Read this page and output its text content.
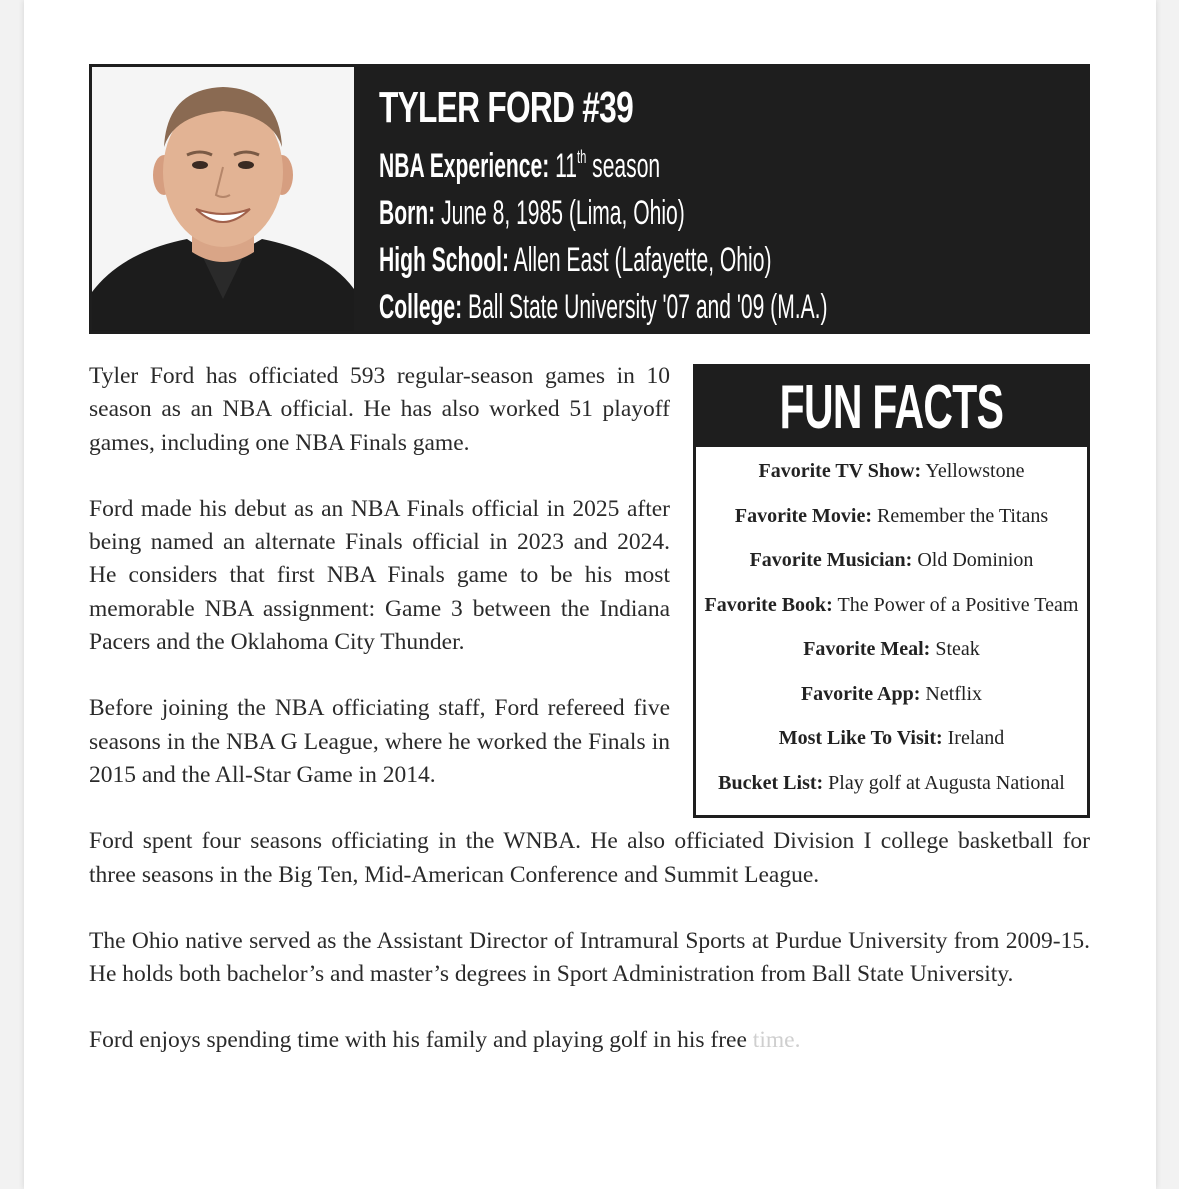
TYLER FORD #39
NBA Experience: 11th season
Born: June 8, 1985 (Lima, Ohio)
High School: Allen East (Lafayette, Ohio)
College: Ball State University '07 and '09 (M.A.)

Tyler Ford has officiated 593 regular-season games in 10 season as an NBA official. He has also worked 51 playoff games, including one NBA Finals game.

Ford made his debut as an NBA Finals official in 2025 after being named an alternate Finals official in 2023 and 2024. He considers that first NBA Finals game to be his most memorable NBA assignment: Game 3 between the Indiana Pacers and the Oklahoma City Thunder.

Before joining the NBA officiating staff, Ford refereed five seasons in the NBA G League, where he worked the Finals in 2015 and the All-Star Game in 2014.

Ford spent four seasons officiating in the WNBA. He also officiated Division I college basketball for three seasons in the Big Ten, Mid-American Conference and Summit League.

The Ohio native served as the Assistant Director of Intramural Sports at Purdue University from 2009-15. He holds both bachelor’s and master’s degrees in Sport Administration from Ball State University.

Ford enjoys spending time with his family and playing golf in his free time.

FUN FACTS
Favorite TV Show: Yellowstone
Favorite Movie: Remember the Titans
Favorite Musician: Old Dominion
Favorite Book: The Power of a Positive Team
Favorite Meal: Steak
Favorite App: Netflix
Most Like To Visit: Ireland
Bucket List: Play golf at Augusta National
